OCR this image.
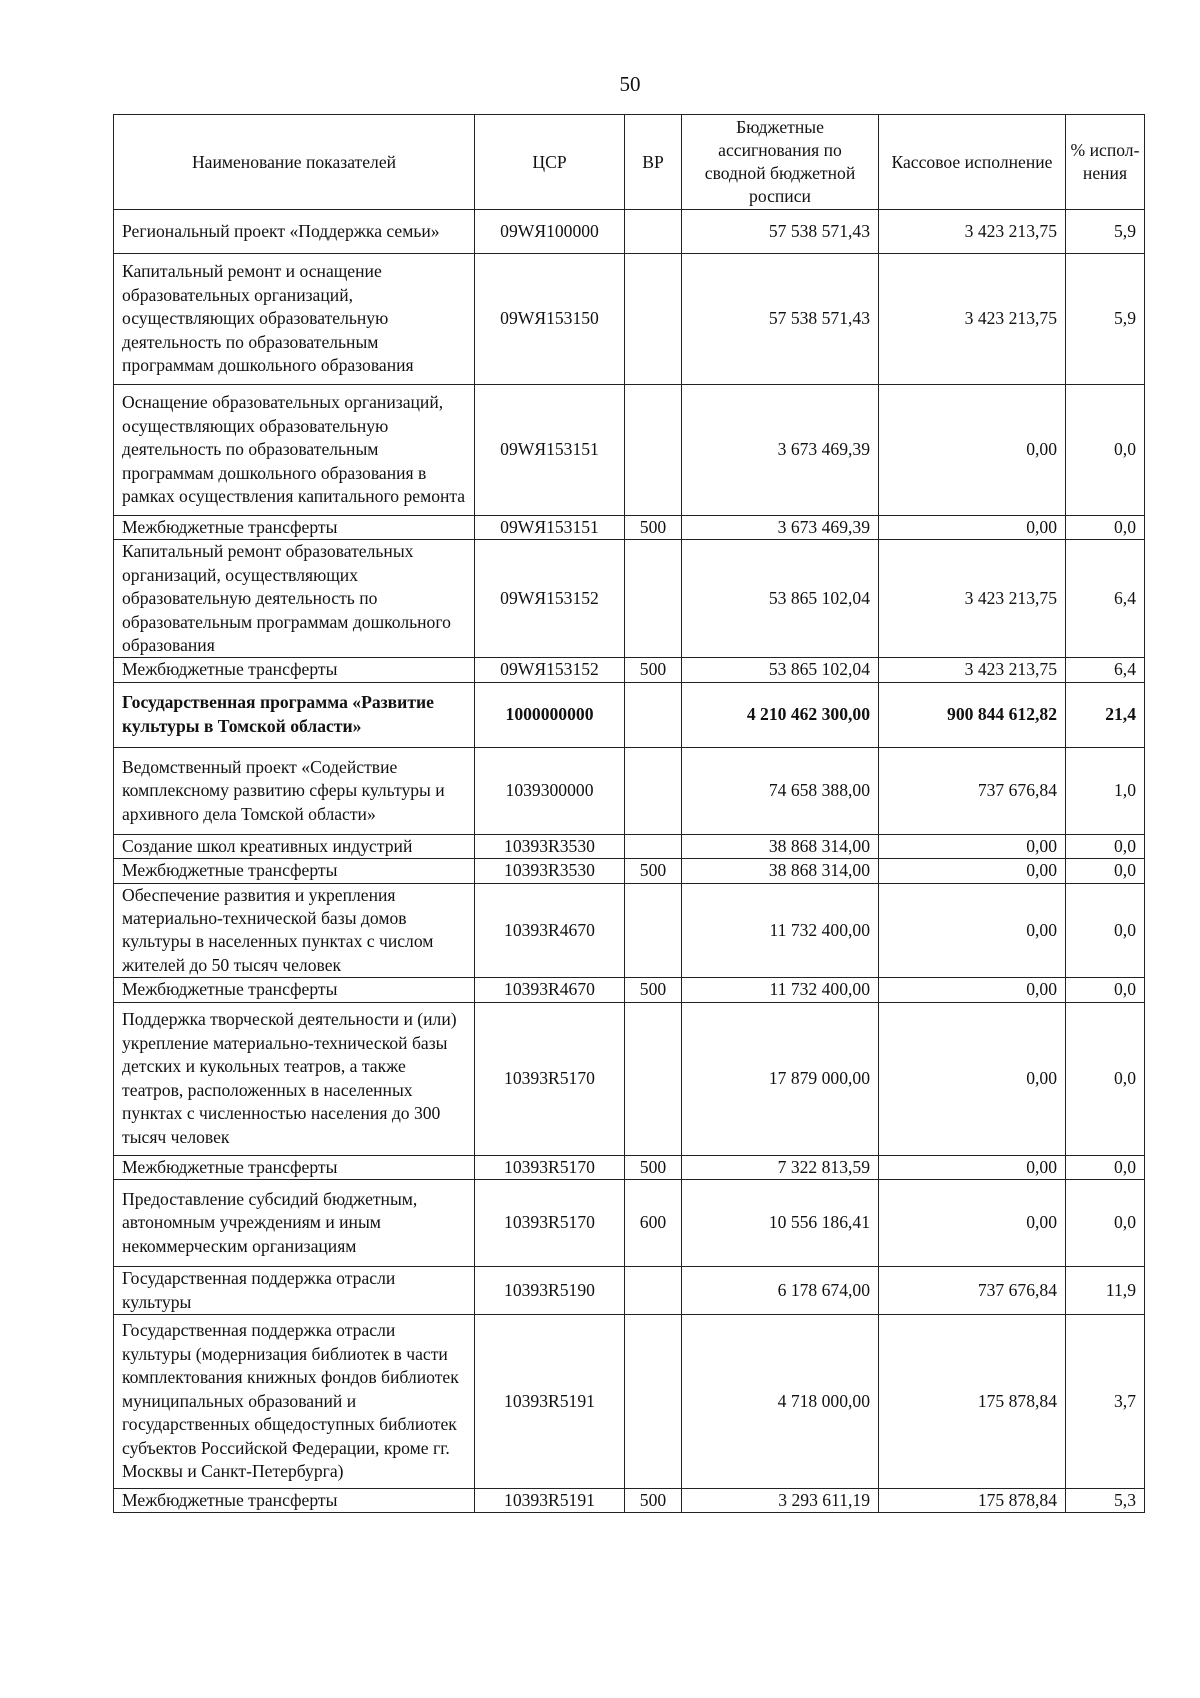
50
Наименование показателей	ЦСР	ВР	Бюджетные ассигнования по сводной бюджетной росписи	Кассовое исполнение	% испол-нения
Региональный проект «Поддержка семьи»	09WЯ100000		57 538 571,43	3 423 213,75	5,9
Капитальный ремонт и оснащение образовательных организаций, осуществляющих образовательную деятельность по образовательным программам дошкольного образования	09WЯ153150		57 538 571,43	3 423 213,75	5,9
Оснащение образовательных организаций, осуществляющих образовательную деятельность по образовательным программам дошкольного образования в рамках осуществления капитального ремонта	09WЯ153151		3 673 469,39	0,00	0,0
Межбюджетные трансферты	09WЯ153151	500	3 673 469,39	0,00	0,0
Капитальный ремонт образовательных организаций, осуществляющих образовательную деятельность по образовательным программам дошкольного образования	09WЯ153152		53 865 102,04	3 423 213,75	6,4
Межбюджетные трансферты	09WЯ153152	500	53 865 102,04	3 423 213,75	6,4
Государственная программа «Развитие культуры в Томской области»	1000000000		4 210 462 300,00	900 844 612,82	21,4
Ведомственный проект «Содействие комплексному развитию сферы культуры и архивного дела Томской области»	1039300000		74 658 388,00	737 676,84	1,0
Создание школ креативных индустрий	10393R3530		38 868 314,00	0,00	0,0
Межбюджетные трансферты	10393R3530	500	38 868 314,00	0,00	0,0
Обеспечение развития и укрепления материально-технической базы домов культуры в населенных пунктах с числом жителей до 50 тысяч человек	10393R4670		11 732 400,00	0,00	0,0
Межбюджетные трансферты	10393R4670	500	11 732 400,00	0,00	0,0
Поддержка творческой деятельности и (или) укрепление материально-технической базы детских и кукольных театров, а также театров, расположенных в населенных пунктах с численностью населения до 300 тысяч человек	10393R5170		17 879 000,00	0,00	0,0
Межбюджетные трансферты	10393R5170	500	7 322 813,59	0,00	0,0
Предоставление субсидий бюджетным, автономным учреждениям и иным некоммерческим организациям	10393R5170	600	10 556 186,41	0,00	0,0
Государственная поддержка отрасли культуры	10393R5190		6 178 674,00	737 676,84	11,9
Государственная поддержка отрасли культуры (модернизация библиотек в части комплектования книжных фондов библиотек муниципальных образований и государственных общедоступных библиотек субъектов Российской Федерации, кроме гг. Москвы и Санкт-Петербурга)	10393R5191		4 718 000,00	175 878,84	3,7
Межбюджетные трансферты	10393R5191	500	3 293 611,19	175 878,84	5,3
